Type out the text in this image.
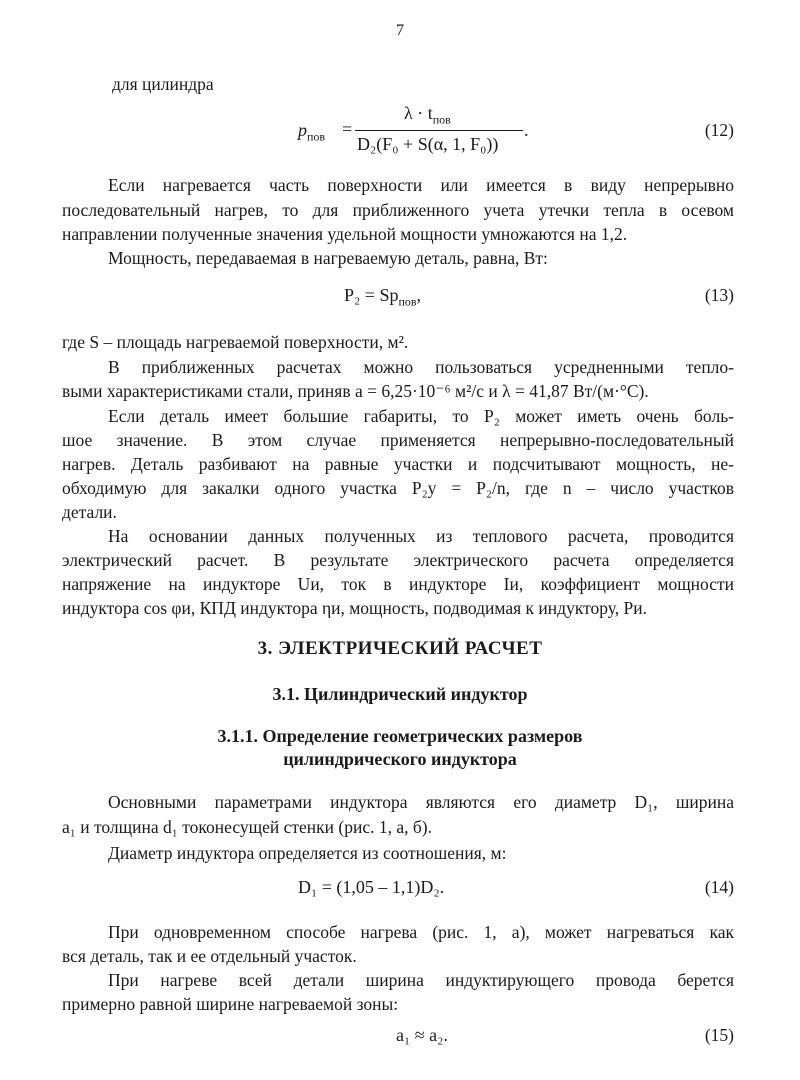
7
для цилиндра
$p_{пов}$ =
$\lambda \cdot t_{пов}$
D₂(F₀ + S(α, 1, F₀))
.	(12)
Если нагревается часть поверхности или имеется в виду непрерывно
последовательный нагрев, то для приближенного учета утечки тепла в осевом
направлении полученные значения удельной мощности умножаются на 1,2.
Мощность, передаваемая в нагреваемую деталь, равна, Вт:
$P_2 = Sp_{пов}$,	(13)
где S – площадь нагреваемой поверхности, м².
В приближенных расчетах можно пользоваться усредненными тепло-
выми характеристиками стали, приняв a = 6,25·10⁻⁶ м²/с и λ = 41,87 Вт/(м·°С).
Если деталь имеет большие габариты, то P₂ может иметь очень боль-
шое значение. В этом случае применяется непрерывно-последовательный
нагрев. Деталь разбивают на равные участки и подсчитывают мощность, не-
обходимую для закалки одного участка P₂у = P₂/n, где n – число участков
детали.
На основании данных полученных из теплового расчета, проводится
электрический расчет. В результате электрического расчета определяется
напряжение на индукторе Uи, ток в индукторе Iи, коэффициент мощности
индуктора cos φи, КПД индуктора ηи, мощность, подводимая к индуктору, Pи.
3. ЭЛЕКТРИЧЕСКИЙ РАСЧЕТ
3.1. Цилиндрический индуктор
3.1.1. Определение геометрических размеров
цилиндрического индуктора
Основными параметрами индуктора являются его диаметр D₁, ширина
a₁ и толщина d₁ токонесущей стенки (рис. 1, а, б).
Диаметр индуктора определяется из соотношения, м:
D₁ = (1,05 – 1,1)D₂.	(14)
При одновременном способе нагрева (рис. 1, а), может нагреваться как
вся деталь, так и ее отдельный участок.
При нагреве всей детали ширина индуктирующего провода берется
примерно равной ширине нагреваемой зоны:
a₁ ≈ a₂.	(15)
